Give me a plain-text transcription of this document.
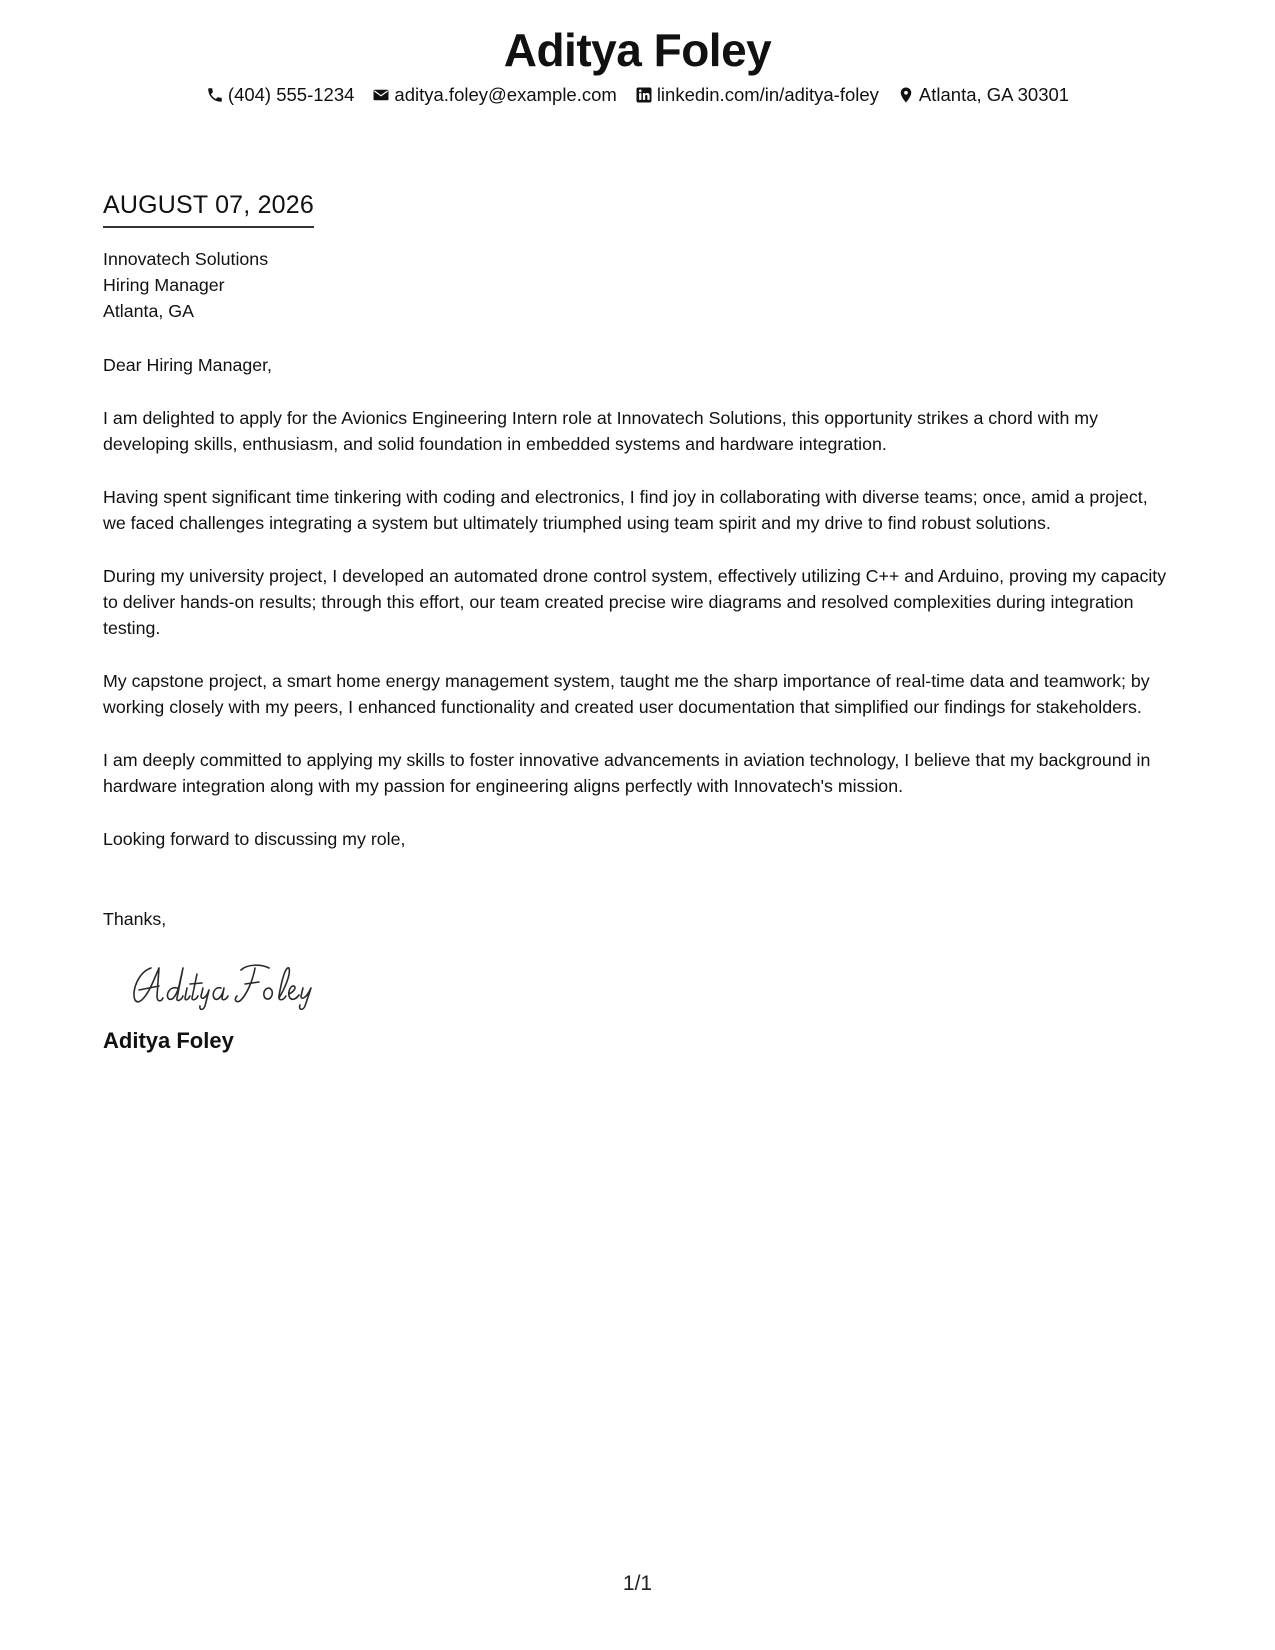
Aditya Foley
(404) 555-1234 aditya.foley@example.com linkedin.com/in/aditya-foley Atlanta, GA 30301
AUGUST 07, 2026
Innovatech Solutions
Hiring Manager
Atlanta, GA
Dear Hiring Manager,
I am delighted to apply for the Avionics Engineering Intern role at Innovatech Solutions, this opportunity strikes a chord with my developing skills, enthusiasm, and solid foundation in embedded systems and hardware integration.
Having spent significant time tinkering with coding and electronics, I find joy in collaborating with diverse teams; once, amid a project, we faced challenges integrating a system but ultimately triumphed using team spirit and my drive to find robust solutions.
During my university project, I developed an automated drone control system, effectively utilizing C++ and Arduino, proving my capacity to deliver hands-on results; through this effort, our team created precise wire diagrams and resolved complexities during integration testing.
My capstone project, a smart home energy management system, taught me the sharp importance of real-time data and teamwork; by working closely with my peers, I enhanced functionality and created user documentation that simplified our findings for stakeholders.
I am deeply committed to applying my skills to foster innovative advancements in aviation technology, I believe that my background in hardware integration along with my passion for engineering aligns perfectly with Innovatech's mission.
Looking forward to discussing my role,
Thanks,
Aditya Foley
1/1
